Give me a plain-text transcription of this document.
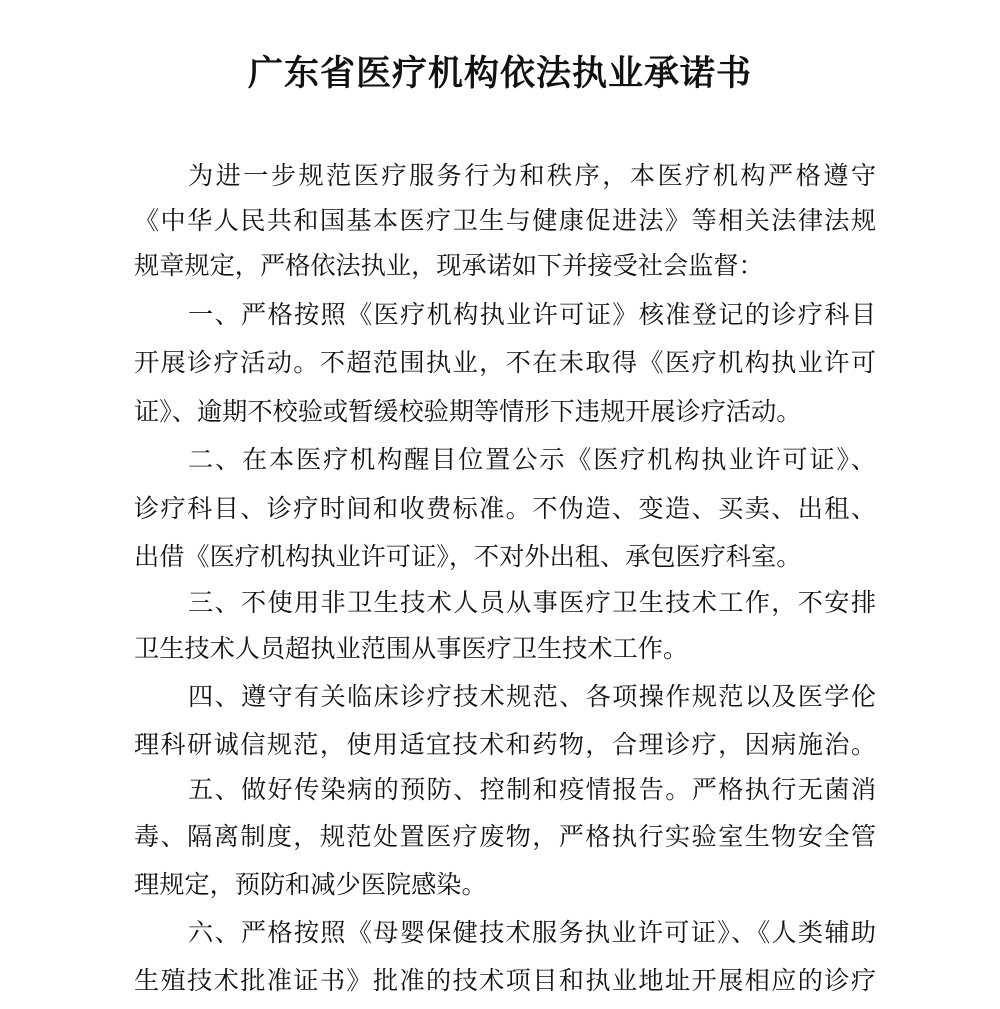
广东省医疗机构依法执业承诺书
为进一步规范医疗服务行为和秩序，本医疗机构严格遵守
《中华人民共和国基本医疗卫生与健康促进法》等相关法律法规
规章规定，严格依法执业，现承诺如下并接受社会监督：
一、严格按照《医疗机构执业许可证》核准登记的诊疗科目
开展诊疗活动。不超范围执业，不在未取得《医疗机构执业许可
证》、逾期不校验或暂缓校验期等情形下违规开展诊疗活动。
二、在本医疗机构醒目位置公示《医疗机构执业许可证》、
诊疗科目、诊疗时间和收费标准。不伪造、变造、买卖、出租、
出借《医疗机构执业许可证》，不对外出租、承包医疗科室。
三、不使用非卫生技术人员从事医疗卫生技术工作，不安排
卫生技术人员超执业范围从事医疗卫生技术工作。
四、遵守有关临床诊疗技术规范、各项操作规范以及医学伦
理科研诚信规范，使用适宜技术和药物，合理诊疗，因病施治。
五、做好传染病的预防、控制和疫情报告。严格执行无菌消
毒、隔离制度，规范处置医疗废物，严格执行实验室生物安全管
理规定，预防和减少医院感染。
六、严格按照《母婴保健技术服务执业许可证》、《人类辅助
生殖技术批准证书》批准的技术项目和执业地址开展相应的诊疗
